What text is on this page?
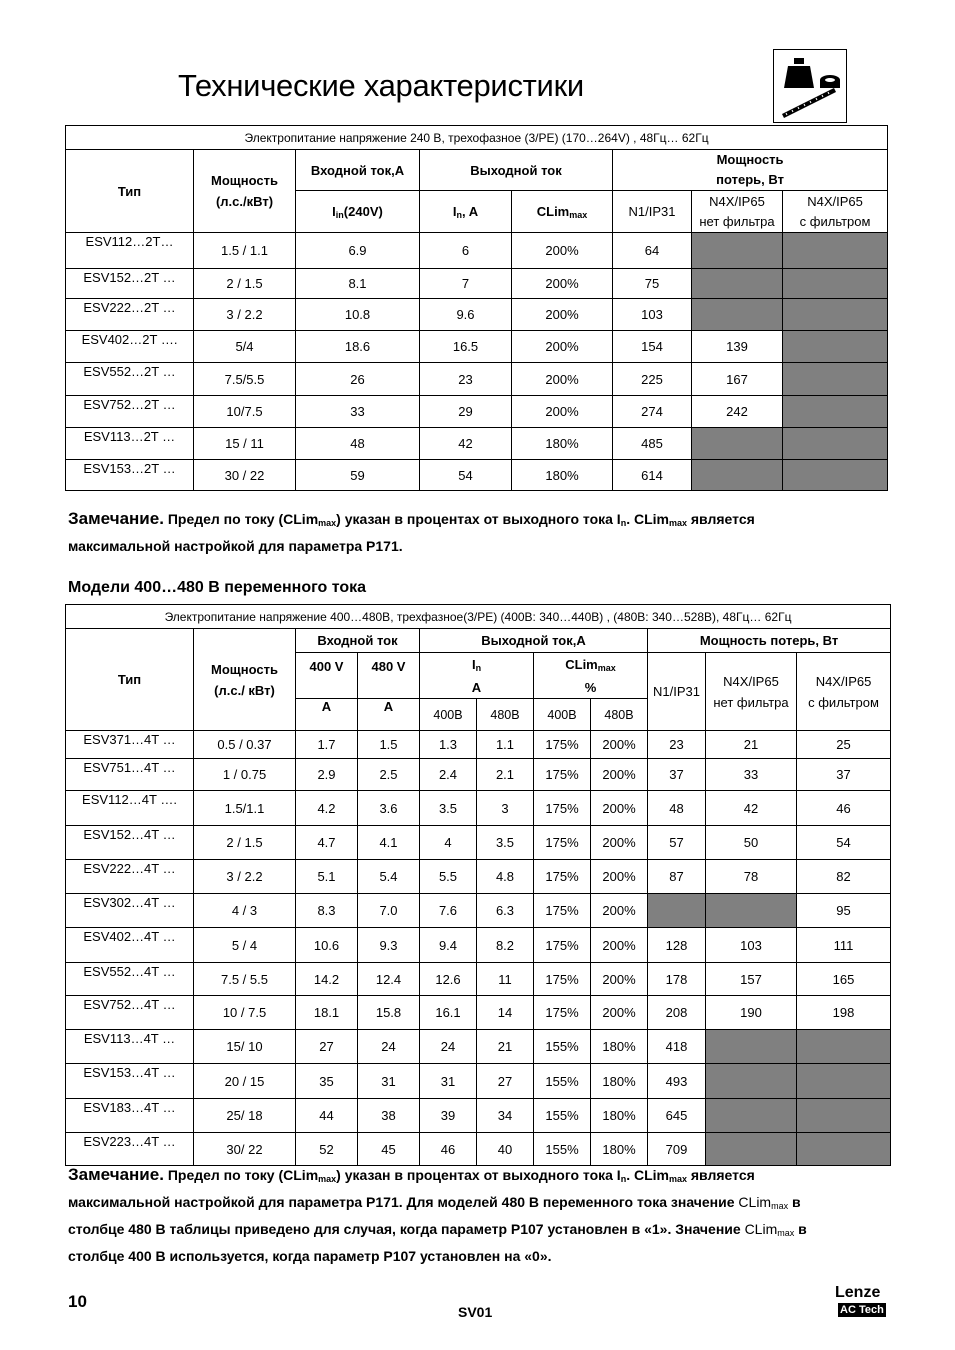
Технические характеристики
Электропитание напряжение 240 В, трехофазное (3/PE) (170…264V) , 48Гц… 62Гц							
Тип	Мощность
(л.с./кВт)	Входной ток,А	Выходной ток		Мощность
потерь, Вт		
		$I_{in}(240V)$	$I_n$, A	CLim$_{max}$	N1/IP31	N4X/IP65
нет фильтра	N4X/IP65
с фильтром
ESV112…2T…	1.5 / 1.1	6.9	6	200%	64		
ESV152…2T …	2 / 1.5	8.1	7	200%	75		
ESV222…2T …	3 / 2.2	10.8	9.6	200%	103		
ESV402…2T ….	5/4	18.6	16.5	200%	154	139	
ESV552…2T …	7.5/5.5	26	23	200%	225	167	
ESV752…2T …	10/7.5	33	29	200%	274	242	
ESV113…2T …	15 / 11	48	42	180%	485		
ESV153…2T …	30 / 22	59	54	180%	614		
Замечание. Предел по току (CLim$_{max}$) указан в процентах от выходного тока $I_n$. CLim$_{max}$ является
максимальной настройкой для параметра Р171.
Модели 400…480 В переменного тока
Электропитание напряжение 400…480В, трехфазное(3/PE) (400В: 340…440В) , (480В: 340…528В), 48Гц… 62Гц										
Тип	Мощность
(л.с./ кВт)	Входной ток		Выходной ток,А				Мощность потерь, Вт		
		400 V	480 V	$I_n$
A		CLim$_{max}$
%		N1/IP31	N4X/IP65
нет фильтра	N4X/IP65
с фильтром
				400В	480В	400В	480В			
		A	A							
ESV371…4T …	0.5 / 0.37	1.7	1.5	1.3	1.1	175%	200%	23	21	25
ESV751…4T …	1 / 0.75	2.9	2.5	2.4	2.1	175%	200%	37	33	37
ESV112…4T ….	1.5/1.1	4.2	3.6	3.5	3	175%	200%	48	42	46
ESV152…4T …	2 / 1.5	4.7	4.1	4	3.5	175%	200%	57	50	54
ESV222…4T …	3 / 2.2	5.1	5.4	5.5	4.8	175%	200%	87	78	82
ESV302…4T …	4 / 3	8.3	7.0	7.6	6.3	175%	200%			95
ESV402…4T …	5 / 4	10.6	9.3	9.4	8.2	175%	200%	128	103	111
ESV552…4T …	7.5 / 5.5	14.2	12.4	12.6	11	175%	200%	178	157	165
ESV752…4T …	10 / 7.5	18.1	15.8	16.1	14	175%	200%	208	190	198
ESV113…4T …	15/ 10	27	24	24	21	155%	180%	418		
ESV153…4T …	20 / 15	35	31	31	27	155%	180%	493		
ESV183…4T …	25/ 18	44	38	39	34	155%	180%	645		
ESV223…4T …	30/ 22	52	45	46	40	155%	180%	709		
Замечание. Предел по току (CLim$_{max}$) указан в процентах от выходного тока $I_n$. CLim$_{max}$ является
максимальной настройкой для параметра Р171. Для моделей 480 В переменного тока значение CLim$_{max}$ в
столбце 480 В таблицы приведено для случая, когда параметр Р107 установлен в «1». Значение CLim$_{max}$ в
столбце 400 В используется, когда параметр Р107 установлен на «0».
10
SV01
Lenze
AC Tech
